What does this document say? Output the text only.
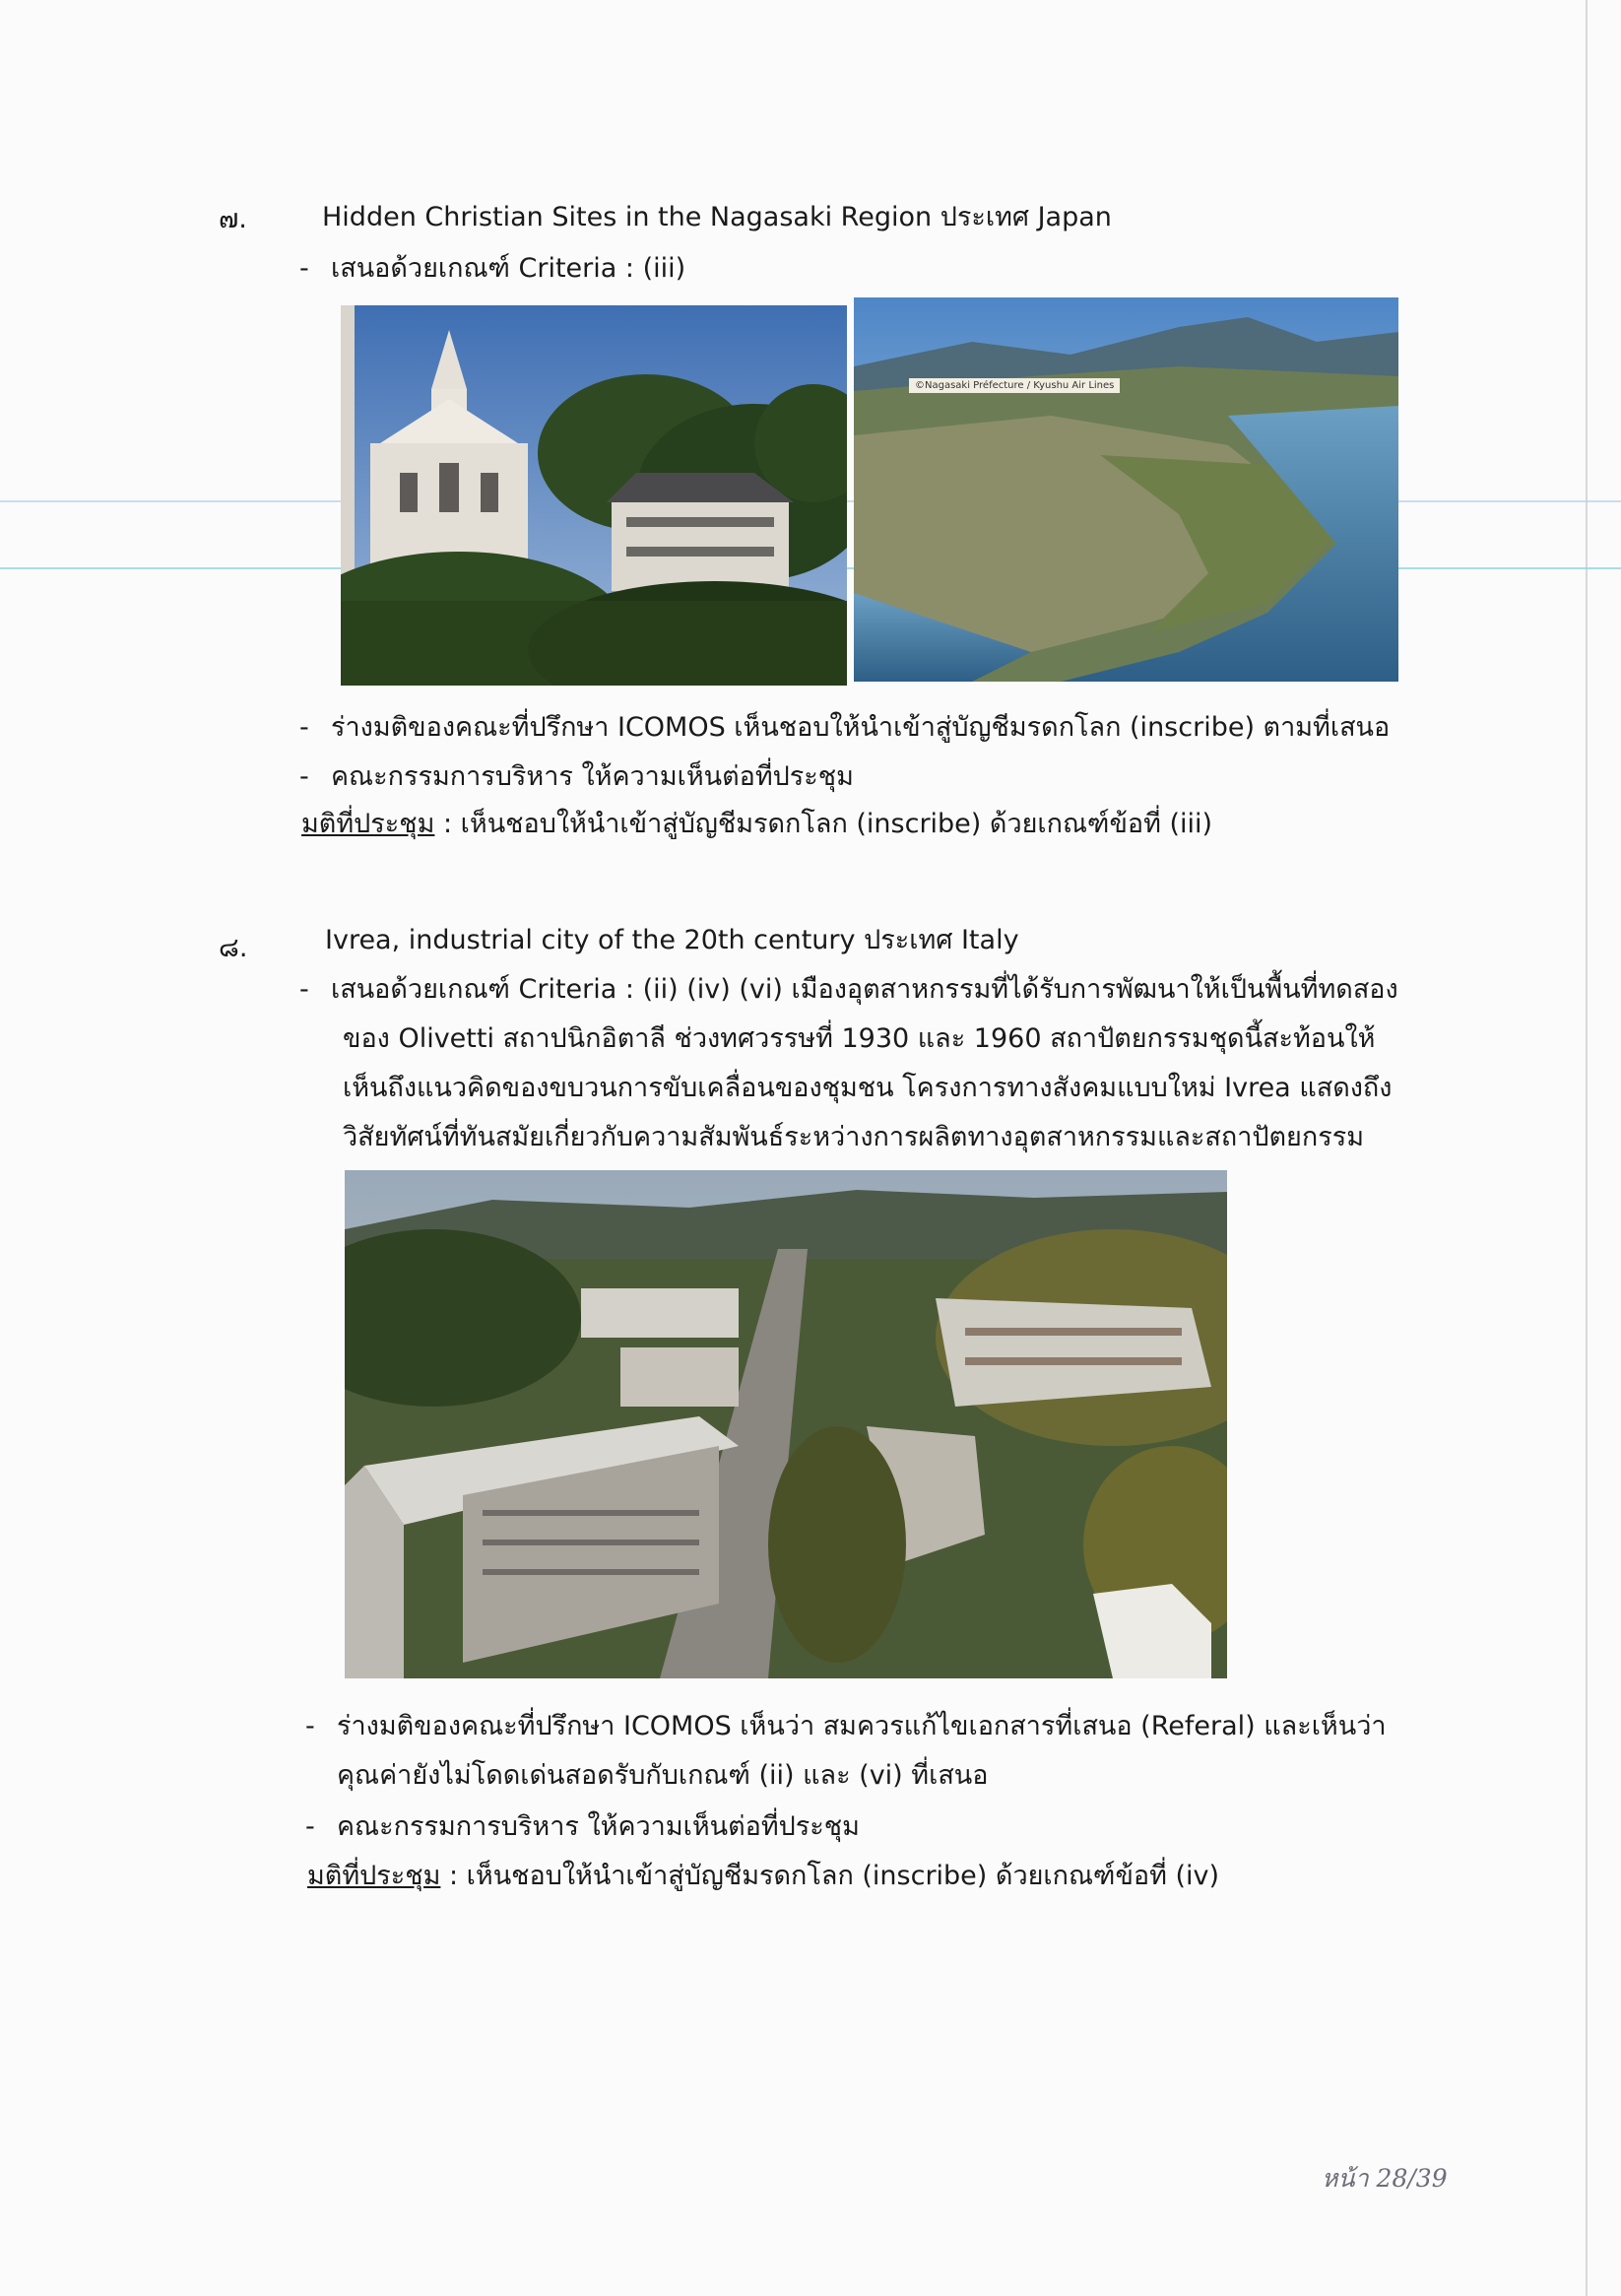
๗.	Hidden Christian Sites in the Nagasaki Region ประเทศ Japan
- เสนอด้วยเกณฑ์ Criteria : (iii)
©Nagasaki Préfecture / Kyushu Air Lines
- ร่างมติของคณะที่ปรึกษา ICOMOS เห็นชอบให้นำเข้าสู่บัญชีมรดกโลก (inscribe) ตามที่เสนอ
- คณะกรรมการบริหาร ให้ความเห็นต่อที่ประชุม
มติที่ประชุม : เห็นชอบให้นำเข้าสู่บัญชีมรดกโลก (inscribe) ด้วยเกณฑ์ข้อที่ (iii)
๘.	Ivrea, industrial city of the 20th century ประเทศ Italy
- เสนอด้วยเกณฑ์ Criteria : (ii) (iv) (vi) เมืองอุตสาหกรรมที่ได้รับการพัฒนาให้เป็นพื้นที่ทดสอง
ของ Olivetti สถาปนิกอิตาลี ช่วงทศวรรษที่ 1930 และ 1960 สถาปัตยกรรมชุดนี้สะท้อนให้
เห็นถึงแนวคิดของขบวนการขับเคลื่อนของชุมชน โครงการทางสังคมแบบใหม่ Ivrea แสดงถึง
วิสัยทัศน์ที่ทันสมัยเกี่ยวกับความสัมพันธ์ระหว่างการผลิตทางอุตสาหกรรมและสถาปัตยกรรม
- ร่างมติของคณะที่ปรึกษา ICOMOS เห็นว่า สมควรแก้ไขเอกสารที่เสนอ (Referal) และเห็นว่า
คุณค่ายังไม่โดดเด่นสอดรับกับเกณฑ์ (ii) และ (vi) ที่เสนอ
- คณะกรรมการบริหาร ให้ความเห็นต่อที่ประชุม
มติที่ประชุม : เห็นชอบให้นำเข้าสู่บัญชีมรดกโลก (inscribe) ด้วยเกณฑ์ข้อที่ (iv)
หน้า 28/39
